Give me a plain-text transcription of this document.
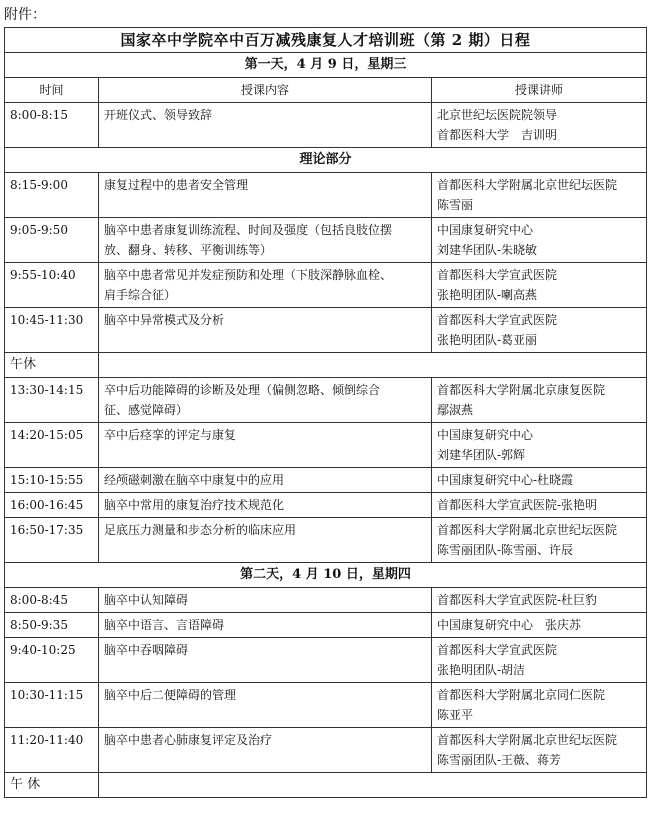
附件：
国家卒中学院卒中百万减残康复人才培训班（第 2 期）日程		
第一天，4 月 9 日，星期三		
时间	授课内容	授课讲师
8:00-8:15	开班仪式、领导致辞	北京世纪坛医院院领导
首都医科大学　吉训明

理论部分		
8:15-9:00	康复过程中的患者安全管理	首都医科大学附属北京世纪坛医院
陈雪丽

9:05-9:50	脑卒中患者康复训练流程、时间及强度（包括良肢位摆
放、翻身、转移、平衡训练等）	中国康复研究中心
刘建华团队-朱晓敏

9:55-10:40	脑卒中患者常见并发症预防和处理（下肢深静脉血栓、
肩手综合征）	首都医科大学宣武医院
张艳明团队-喇高燕

10:45-11:30	脑卒中异常模式及分析	首都医科大学宣武医院
张艳明团队-葛亚丽

午休		
13:30-14:15	卒中后功能障碍的诊断及处理（偏侧忽略、倾倒综合
征、感觉障碍）	首都医科大学附属北京康复医院
鄢淑燕

14:20-15:05	卒中后痉挛的评定与康复	中国康复研究中心
刘建华团队-郭辉

15:10-15:55	经颅磁刺激在脑卒中康复中的应用	中国康复研究中心-杜晓霞

16:00-16:45	脑卒中常用的康复治疗技术规范化	首都医科大学宣武医院-张艳明

16:50-17:35	足底压力测量和步态分析的临床应用	首都医科大学附属北京世纪坛医院
陈雪丽团队-陈雪丽、许辰

第二天，4 月 10 日，星期四		
8:00-8:45	脑卒中认知障碍	首都医科大学宣武医院-杜巨豹

8:50-9:35	脑卒中语言、言语障碍	中国康复研究中心　张庆苏

9:40-10:25	脑卒中吞咽障碍	首都医科大学宣武医院
张艳明团队-胡洁

10:30-11:15	脑卒中后二便障碍的管理	首都医科大学附属北京同仁医院
陈亚平

11:20-11:40	脑卒中患者心肺康复评定及治疗	首都医科大学附属北京世纪坛医院
陈雪丽团队-王薇、蒋芳

午 休		
